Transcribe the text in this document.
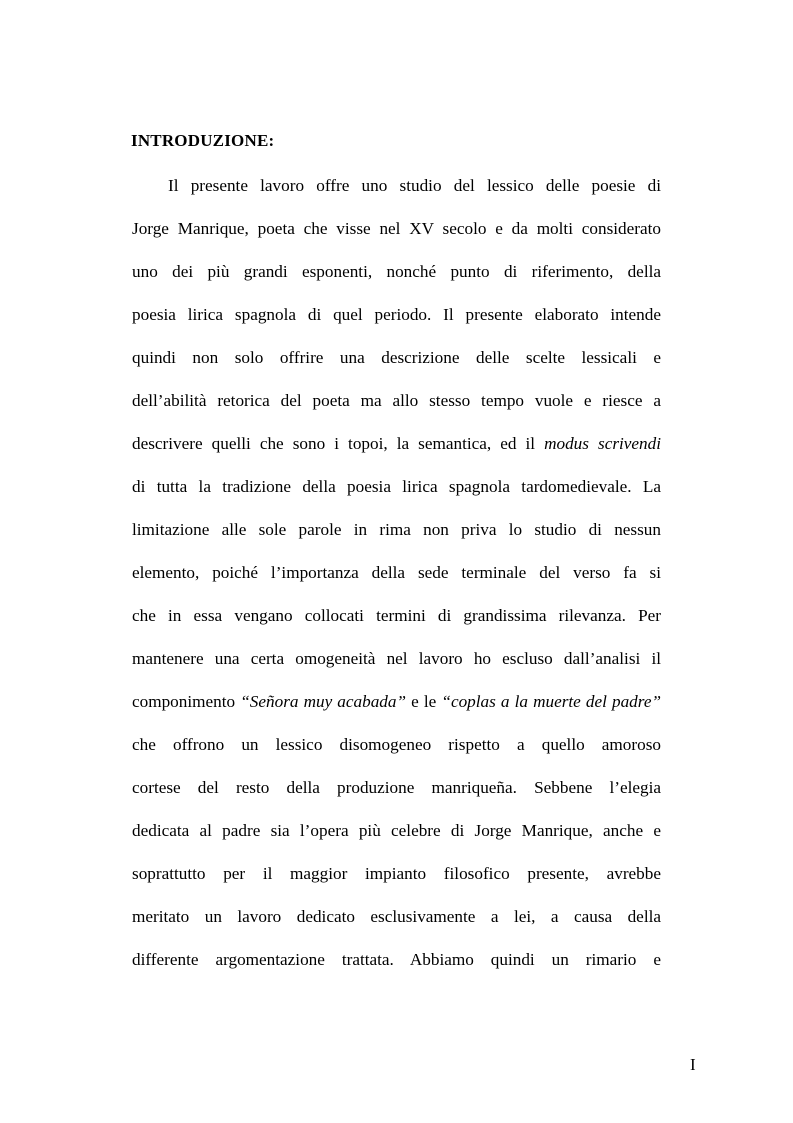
INTRODUZIONE:

Il presente lavoro offre uno studio del lessico delle poesie di

Jorge Manrique, poeta che visse nel XV secolo e da molti considerato

uno dei più grandi esponenti, nonché punto di riferimento, della

poesia lirica spagnola di quel periodo. Il presente elaborato intende

quindi non solo offrire una descrizione delle scelte lessicali e

dell’abilità retorica del poeta ma allo stesso tempo vuole e riesce a

descrivere quelli che sono i topoi, la semantica, ed il modus scrivendi

di tutta la tradizione della poesia lirica spagnola tardomedievale. La

limitazione alle sole parole in rima non priva lo studio di nessun

elemento, poiché l’importanza della sede terminale del verso fa si

che in essa vengano collocati termini di grandissima rilevanza. Per

mantenere una certa omogeneità nel lavoro ho escluso dall’analisi il

componimento “Señora muy acabada” e le “coplas a la muerte del padre”

che offrono un lessico disomogeneo rispetto a quello amoroso

cortese del resto della produzione manriqueña. Sebbene l’elegia

dedicata al padre sia l’opera più celebre di Jorge Manrique, anche e

soprattutto per il maggior impianto filosofico presente, avrebbe

meritato un lavoro dedicato esclusivamente a lei, a causa della

differente argomentazione trattata. Abbiamo quindi un rimario e

I
